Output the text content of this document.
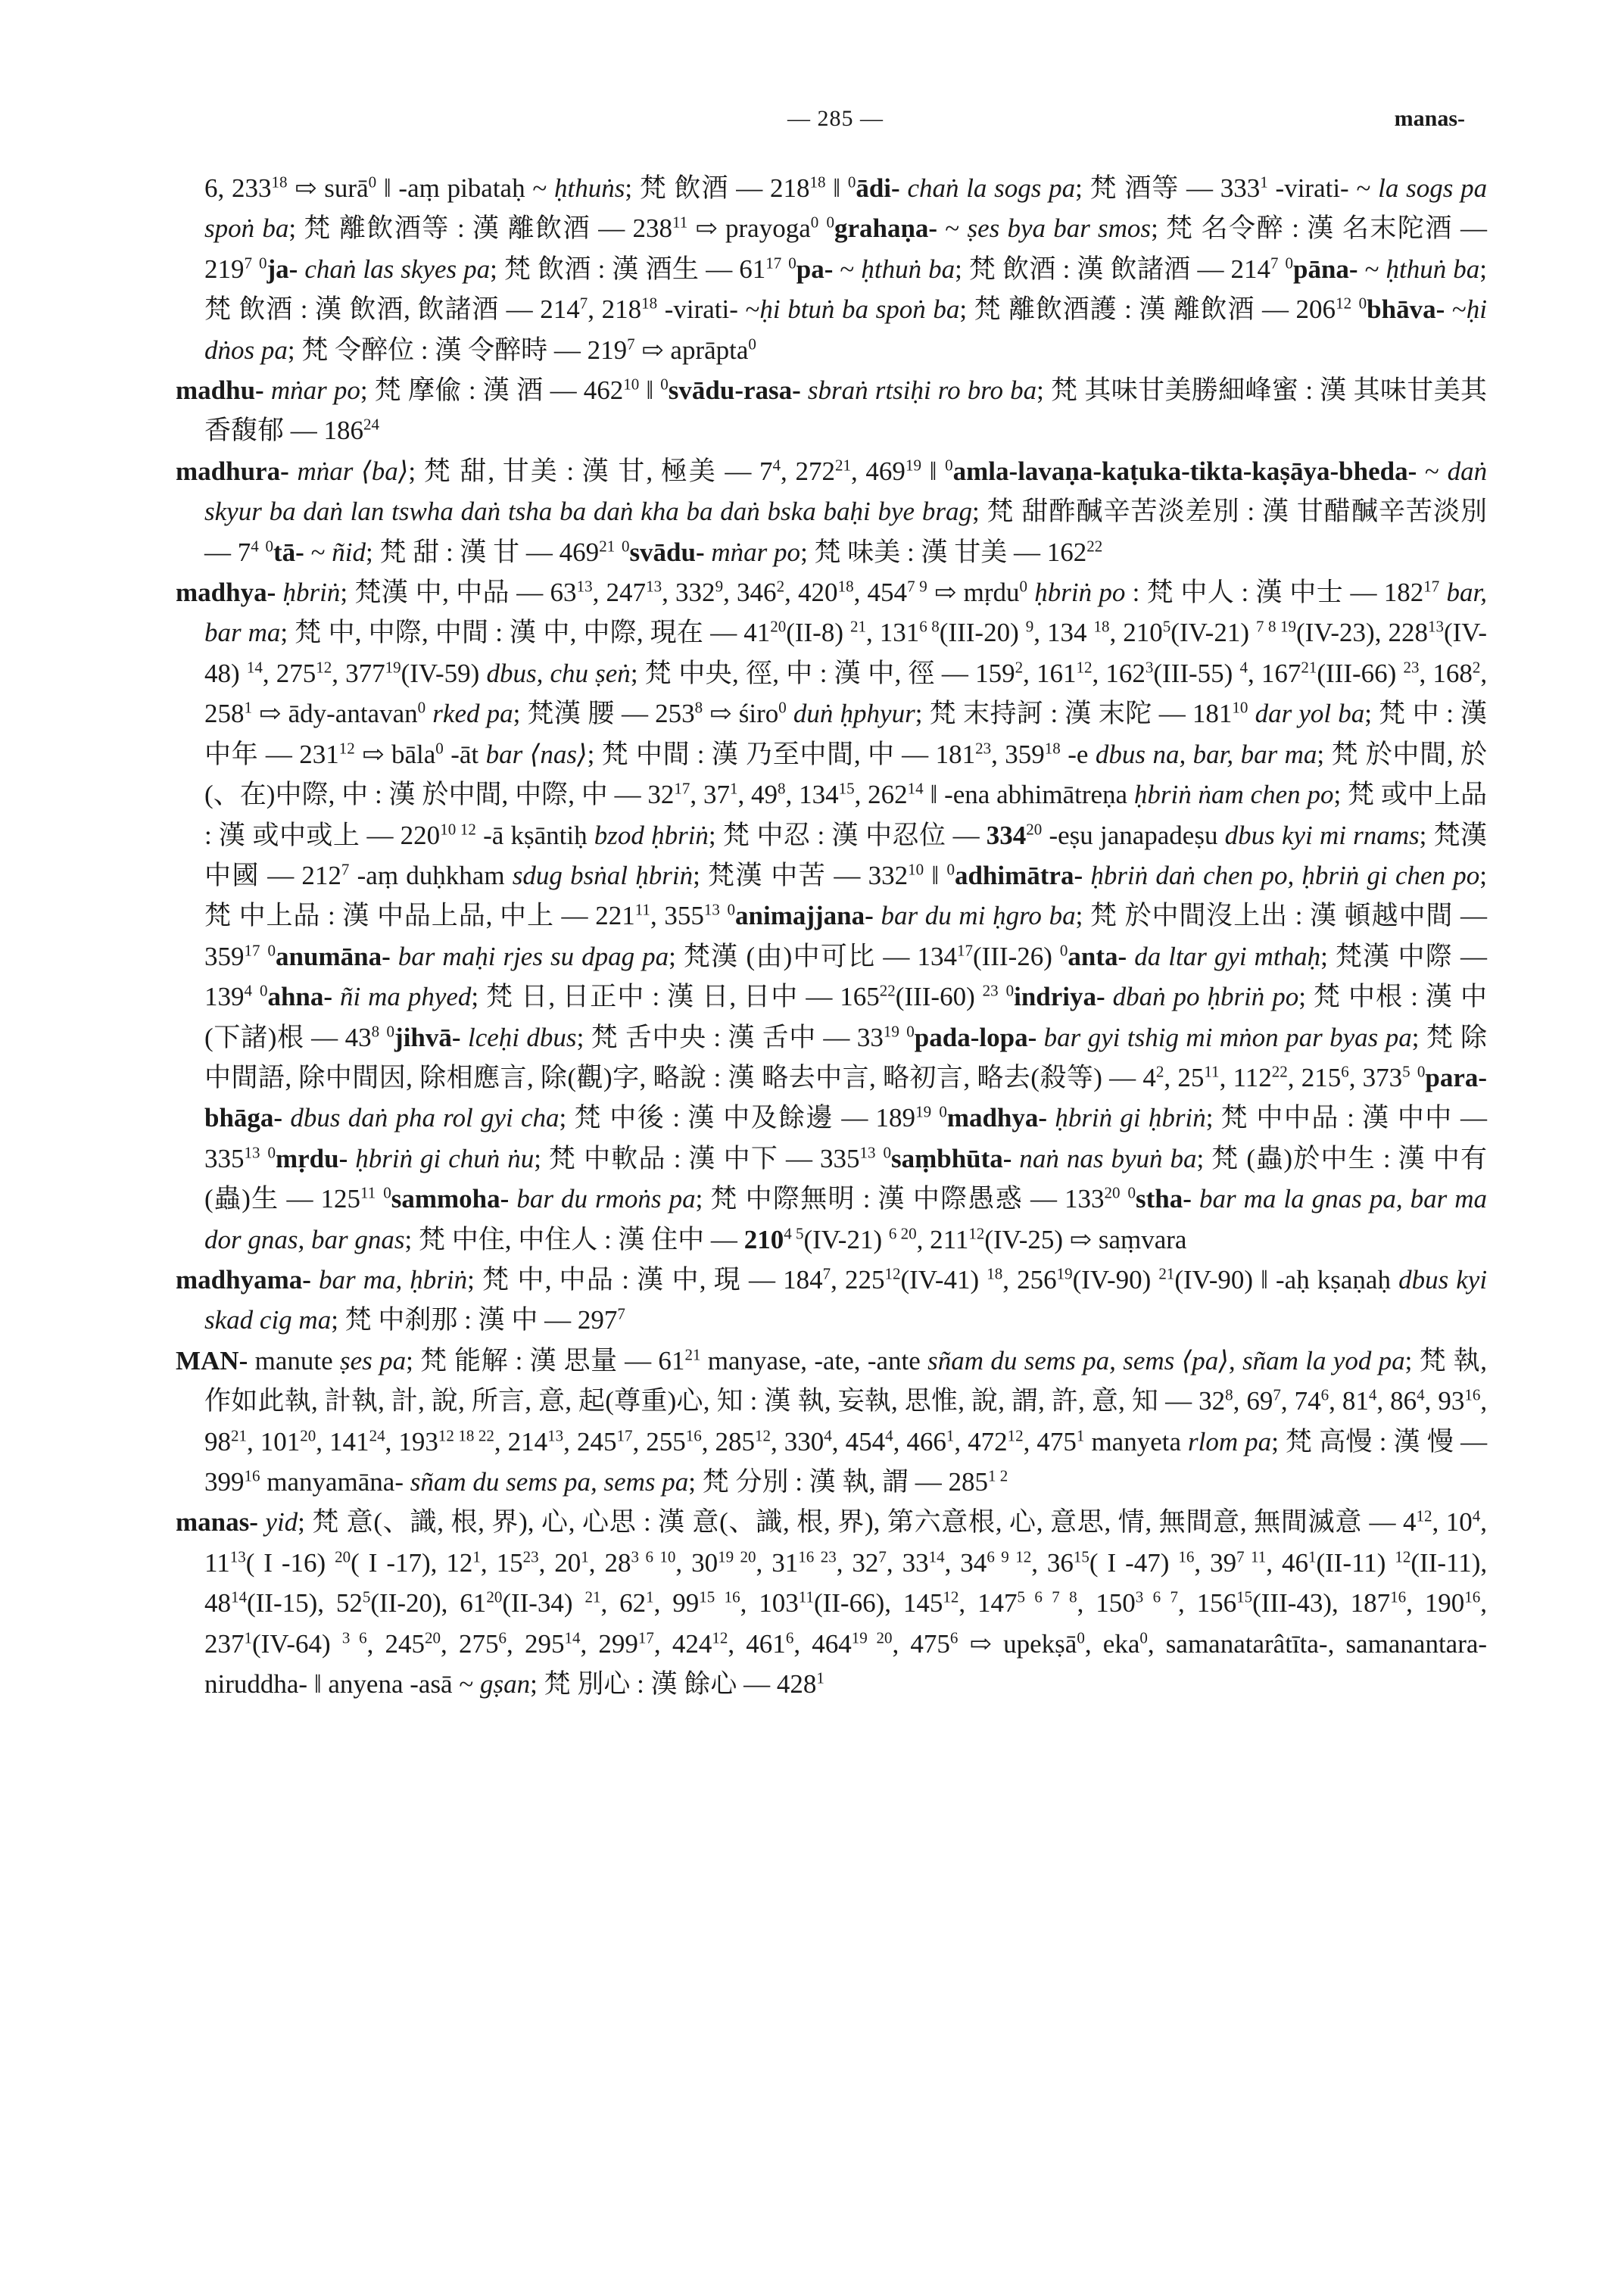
— 285 —	manas-

6, $233^{18}$ ⇨ surā$^0$ ‖ -aṃ pibataḥ ~ ḥthuṅs; 梵 飲酒 — $218^{18}$ ‖ $^0$ādi- chaṅ la sogs pa; 梵 酒等 — $333^1$ -virati- ~ la sogs pa spoṅ ba; 梵 離飲酒等 : 漢 離飲酒 — $238^{11}$ ⇨ prayoga$^0$ $^0$grahaṇa- ~ ṣes bya bar smos; 梵 名令醉 : 漢 名末陀酒 — $219^7$ $^0$ja- chaṅ las skyes pa; 梵 飲酒 : 漢 酒生 — $61^{17}$ $^0$pa- ~ ḥthuṅ ba; 梵 飲酒 : 漢 飲諸酒 — $214^7$ $^0$pāna- ~ ḥthuṅ ba; 梵 飲酒 : 漢 飲酒, 飲諸酒 — $214^7$, $218^{18}$ -virati- ~ḥi btuṅ ba spoṅ ba; 梵 離飲酒護 : 漢 離飲酒 — $206^{12}$ $^0$bhāva- ~ḥi dṅos pa; 梵 令醉位 : 漢 令醉時 — $219^7$ ⇨ aprāpta$^0$

madhu- mṅar po; 梵 摩偸 : 漢 酒 — $462^{10}$ ‖ $^0$svādu-rasa- sbraṅ rtsiḥi ro bro ba; 梵 其味甘美勝細峰蜜 : 漢 其味甘美其香馥郁 — $186^{24}$

madhura- mṅar ⟨ba⟩; 梵 甜, 甘美 : 漢 甘, 極美 — $7^4$, $272^{21}$, $469^{19}$ ‖ $^0$amla-lavaṇa-kaṭuka-tikta-kaṣāya-bheda- ~ daṅ skyur ba daṅ lan tswha daṅ tsha ba daṅ kha ba daṅ bska baḥi bye brag; 梵 甜酢醎辛苦淡差別 : 漢 甘醋醎辛苦淡別 — $7^4$ $^0$tā- ~ ñid; 梵 甜 : 漢 甘 — $469^{21}$ $^0$svādu- mṅar po; 梵 味美 : 漢 甘美 — $162^{22}$

madhya- ḥbriṅ; 梵漢 中, 中品 — $63^{13}$, $247^{13}$, $332^9$, $346^2$, $420^{18}$, $454^{7 9}$ ⇨ mṛdu$^0$ ḥbriṅ po : 梵 中人 : 漢 中士 — $182^{17}$ bar, bar ma; 梵 中, 中際, 中間 : 漢 中, 中際, 現在 — $41^{20}(II-8)$ $^{21}$, $131^{6 8}(III-20)$ $^9$, 134 $^{18}$, $210^5(IV-21)$ $^{7 8 19}$(IV-23), $228^{13}(IV-48)$ $^{14}$, $275^{12}$, $377^{19}(IV-59)$ dbus, chu ṣeṅ; 梵 中央, 徑, 中 : 漢 中, 徑 — $159^2$, $161^{12}$, $162^3(III-55)$ $^4$, $167^{21}(III-66)$ $^{23}$, $168^2$, $258^1$ ⇨ ādy-antavan$^0$ rked pa; 梵漢 腰 — $253^8$ ⇨ śiro$^0$ duṅ ḥphyur; 梵 末持訶 : 漢 末陀 — $181^{10}$ dar yol ba; 梵 中 : 漢 中年 — $231^{12}$ ⇨ bāla$^0$ -āt bar ⟨nas⟩; 梵 中間 : 漢 乃至中間, 中 — $181^{23}$, $359^{18}$ -e dbus na, bar, bar ma; 梵 於中間, 於(、在)中際, 中 : 漢 於中間, 中際, 中 — $32^{17}$, $37^1$, $49^8$, $134^{15}$, $262^{14}$ ‖ -ena abhimātreṇa ḥbriṅ ṅam chen po; 梵 或中上品 : 漢 或中或上 — $220^{10 12}$ -ā kṣāntiḥ bzod ḥbriṅ; 梵 中忍 : 漢 中忍位 — $334^{20}$ -eṣu janapadeṣu dbus kyi mi rnams; 梵漢 中國 — $212^7$ -aṃ duḥkham sdug bsṅal ḥbriṅ; 梵漢 中苦 — $332^{10}$ ‖ $^0$adhimātra- ḥbriṅ daṅ chen po, ḥbriṅ gi chen po; 梵 中上品 : 漢 中品上品, 中上 — $221^{11}$, $355^{13}$ $^0$animajjana- bar du mi ḥgro ba; 梵 於中間沒上出 : 漢 頓越中間 — $359^{17}$ $^0$anumāna- bar maḥi rjes su dpag pa; 梵漢 (由)中可比 — $134^{17}(III-26)$ $^0$anta- da ltar gyi mthaḥ; 梵漢 中際 — $139^4$ $^0$ahna- ñi ma phyed; 梵 日, 日正中 : 漢 日, 日中 — $165^{22}(III-60)$ $^{23}$ $^0$indriya- dbaṅ po ḥbriṅ po; 梵 中根 : 漢 中(下諸)根 — $43^8$ $^0$jihvā- lceḥi dbus; 梵 舌中央 : 漢 舌中 — $33^{19}$ $^0$pada-lopa- bar gyi tshig mi mṅon par byas pa; 梵 除中間語, 除中間因, 除相應言, 除(觀)字, 略說 : 漢 略去中言, 略初言, 略去(殺等) — $4^2$, $25^{11}$, $112^{22}$, $215^6$, $373^5$ $^0$para-bhāga- dbus daṅ pha rol gyi cha; 梵 中後 : 漢 中及餘邊 — $189^{19}$ $^0$madhya- ḥbriṅ gi ḥbriṅ; 梵 中中品 : 漢 中中 — $335^{13}$ $^0$mṛdu- ḥbriṅ gi chuṅ ṅu; 梵 中軟品 : 漢 中下 — $335^{13}$ $^0$saṃbhūta- naṅ nas byuṅ ba; 梵 (蟲)於中生 : 漢 中有(蟲)生 — $125^{11}$ $^0$sammoha- bar du rmoṅs pa; 梵 中際無明 : 漢 中際愚惑 — $133^{20}$ $^0$stha- bar ma la gnas pa, bar ma dor gnas, bar gnas; 梵 中住, 中住人 : 漢 住中 — $210^{4 5}(IV-21)$ $^{6 20}$, $211^{12}(IV-25)$ ⇨ saṃvara

madhyama- bar ma, ḥbriṅ; 梵 中, 中品 : 漢 中, 現 — $184^7$, $225^{12}(IV-41)$ $^{18}$, $256^{19}(IV-90)$ $^{21}$(IV-90) ‖ -aḥ kṣaṇaḥ dbus kyi skad cig ma; 梵 中刹那 : 漢 中 — $297^7$

MAN- manute ṣes pa; 梵 能解 : 漢 思量 — $61^{21}$ manyase, -ate, -ante sñam du sems pa, sems ⟨pa⟩, sñam la yod pa; 梵 執, 作如此執, 計執, 計, 說, 所言, 意, 起(尊重)心, 知 : 漢 執, 妄執, 思惟, 說, 謂, 許, 意, 知 — $32^8$, $69^7$, $74^6$, $81^4$, $86^4$, $93^{16}$, $98^{21}$, $101^{20}$, $141^{24}$, $193^{12 18 22}$, $214^{13}$, $245^{17}$, $255^{16}$, $285^{12}$, $330^4$, $454^4$, $466^1$, $472^{12}$, $475^1$ manyeta rlom pa; 梵 高慢 : 漢 慢 — $399^{16}$ manyamāna- sñam du sems pa, sems pa; 梵 分別 : 漢 執, 謂 — $285^{1 2}$

manas- yid; 梵 意(、識, 根, 界), 心, 心思 : 漢 意(、識, 根, 界), 第六意根, 心, 意思, 情, 無間意, 無間滅意 — $4^{12}$, $10^4$, $11^{13}$( I -16) $^{20}$( I -17), $12^1$, $15^{23}$, $20^1$, $28^{3 6 10}$, $30^{19 20}$, $31^{16 23}$, $32^7$, $33^{14}$, $34^{6 9 12}$, $36^{15}$( I -47) $^{16}$, $39^{7 11}$, $46^1(II-11)$ $^{12}$(II-11), $48^{14}(II-15)$, $52^5(II-20)$, $61^{20}(II-34)$ $^{21}$, $62^1$, $99^{15 16}$, $103^{11}(II-66)$, $145^{12}$, $147^{5 6 7 8}$, $150^{3 6 7}$, $156^{15}(III-43)$, $187^{16}$, $190^{16}$, $237^1(IV-64)$ $^{3 6}$, $245^{20}$, $275^6$, $295^{14}$, $299^{17}$, $424^{12}$, $461^6$, $464^{19 20}$, $475^6$ ⇨ upekṣā$^0$, eka$^0$, samanatarâtīta-, samanantara-niruddha- ‖ anyena -asā ~ gṣan; 梵 別心 : 漢 餘心 — $428^1$
